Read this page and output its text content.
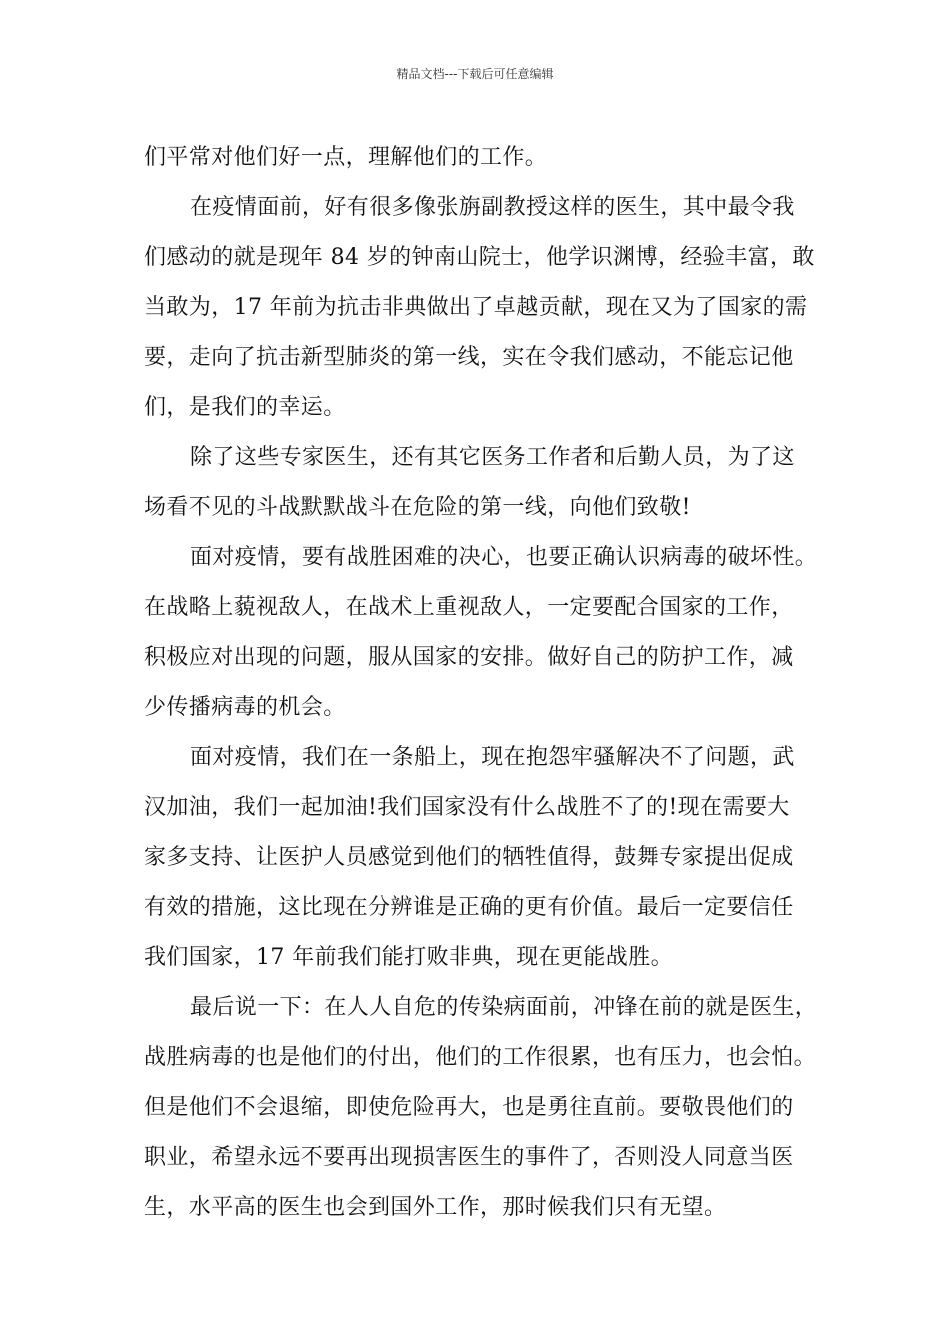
精品文档---下载后可任意编辑
们平常对他们好一点，理解他们的工作。
在疫情面前，好有很多像张旃副教授这样的医生，其中最令我
们感动的就是现年 84 岁的钟南山院士，他学识渊博，经验丰富，敢
当敢为，17 年前为抗击非典做出了卓越贡献，现在又为了国家的需
要，走向了抗击新型肺炎的第一线，实在令我们感动，不能忘记他
们，是我们的幸运。
除了这些专家医生，还有其它医务工作者和后勤人员，为了这
场看不见的斗战默默战斗在危险的第一线，向他们致敬!
面对疫情，要有战胜困难的决心，也要正确认识病毒的破坏性。
在战略上藐视敌人，在战术上重视敌人，一定要配合国家的工作，
积极应对出现的问题，服从国家的安排。做好自己的防护工作，减
少传播病毒的机会。
面对疫情，我们在一条船上，现在抱怨牢骚解决不了问题，武
汉加油，我们一起加油!我们国家没有什么战胜不了的!现在需要大
家多支持、让医护人员感觉到他们的牺牲值得，鼓舞专家提出促成
有效的措施，这比现在分辨谁是正确的更有价值。最后一定要信任
我们国家，17 年前我们能打败非典，现在更能战胜。
最后说一下：在人人自危的传染病面前，冲锋在前的就是医生，
战胜病毒的也是他们的付出，他们的工作很累，也有压力，也会怕。
但是他们不会退缩，即使危险再大，也是勇往直前。要敬畏他们的
职业，希望永远不要再出现损害医生的事件了，否则没人同意当医
生，水平高的医生也会到国外工作，那时候我们只有无望。
